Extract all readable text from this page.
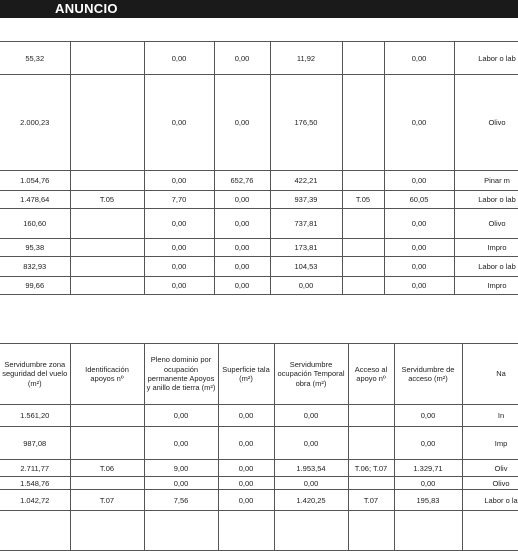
ANUNCIO
55,32		0,00	0,00	11,92		0,00	Labor o lab
2.000,23		0,00	0,00	176,50		0,00	Olivo
1.054,76		0,00	652,76	422,21		0,00	Pinar m
1.478,64	T.05	7,70	0,00	937,39	T.05	60,05	Labor o lab
160,60		0,00	0,00	737,81		0,00	Olivo
95,38		0,00	0,00	173,81		0,00	Impro
832,93		0,00	0,00	104,53		0,00	Labor o lab
99,66		0,00	0,00	0,00		0,00	Impro
Servidumbre zona seguridad del vuelo (m²)	Identificación apoyos nº	Pleno dominio por ocupación permanente Apoyos y anillo de tierra (m²)	Superficie tala (m²)	Servidumbre ocupación Temporal obra (m²)	Acceso al apoyo nº	Servidumbre de acceso (m²)	Na
1.561,20		0,00	0,00	0,00		0,00	In
987,08		0,00	0,00	0,00		0,00	Imp
2.711,77	T.06	9,00	0,00	1.953,54	T.06; T.07	1.329,71	Oliv
1.548,76		0,00	0,00	0,00		0,00	Olivo
1.042,72	T.07	7,56	0,00	1.420,25	T.07	195,83	Labor o la
